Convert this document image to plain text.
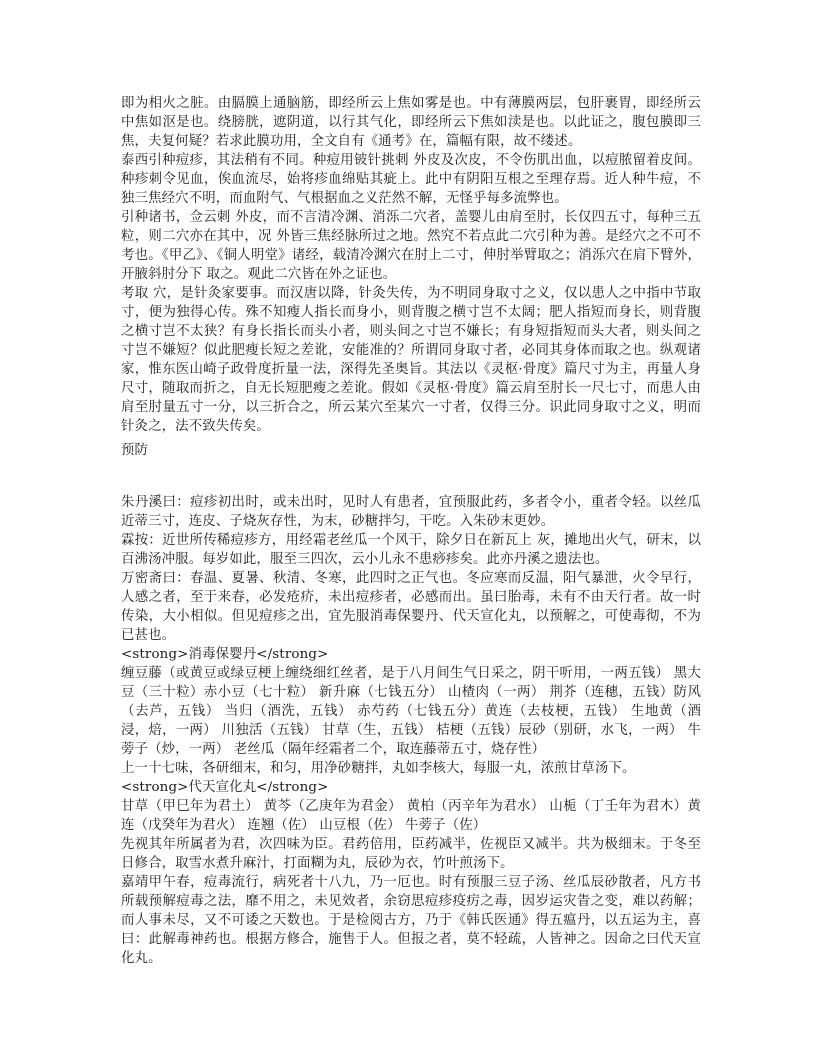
即为相火之脏。由膈膜上通脑筋，即经所云上焦如雾是也。中有薄膜两层，包肝裹胃，即经所云中焦如沤是也。绕膀胱，遮阴道，以行其气化，即经所云下焦如渎是也。以此证之，腹包膜即三焦，夫复何疑？若求此膜功用，全文自有《通考》在，篇幅有限，故不缕述。

泰西引种痘疹，其法稍有不同。种痘用铍针挑刺 外皮及次皮，不令伤肌出血，以痘脓留着皮间。种疹刺令见血，俟血流尽，始将疹血绵贴其疵上。此中有阴阳互根之至理存焉。近人种牛痘，不独三焦经穴不明，而血附气、气根据血之义茫然不解，无怪乎每多流弊也。

引种诸书，佥云刺 外皮，而不言清冷渊、消泺二穴者，盖婴儿由肩至肘，长仅四五寸，每种三五粒，则二穴亦在其中，况 外皆三焦经脉所过之地。然究不若点此二穴引种为善。是经穴之不可不考也。《甲乙》、《铜人明堂》诸经，载清冷渊穴在肘上二寸，伸肘举臂取之；消泺穴在肩下臂外，开腋斜肘分下 取之。观此二穴皆在外之证也。

考取 穴，是针灸家要事。而汉唐以降，针灸失传，为不明同身取寸之义，仅以患人之中指中节取寸，便为独得心传。殊不知瘦人指长而身小，则背腹之横寸岂不太阔；肥人指短而身长，则背腹之横寸岂不太狭？有身长指长而头小者，则头间之寸岂不嫌长；有身短指短而头大者，则头间之寸岂不嫌短？似此肥瘦长短之差讹，安能准的？所谓同身取寸者，必同其身体而取之也。纵观诸家，惟东医山崎子政骨度折量一法，深得先圣奥旨。其法以《灵枢·骨度》篇尺寸为主，再量人身尺寸，随取而折之，自无长短肥瘦之差讹。假如《灵枢·骨度》篇云肩至肘长一尺七寸，而患人由肩至肘量五寸一分，以三折合之，所云某穴至某穴一寸者，仅得三分。识此同身取寸之义，明而针灸之，法不致失传矣。

预防

朱丹溪曰：痘疹初出时，或未出时，见时人有患者，宜预服此药，多者令小，重者令轻。以丝瓜近蒂三寸，连皮、子烧灰存性，为末，砂糖拌匀，干吃。入朱砂末更妙。

霖按：近世所传稀痘疹方，用经霜老丝瓜一个风干，除夕日在新瓦上 灰，摊地出火气，研末，以百沸汤冲服。每岁如此，服至三四次，云小儿永不患痧疹矣。此亦丹溪之遗法也。

万密斋曰：春温、夏暑、秋清、冬寒，此四时之正气也。冬应寒而反温，阳气暴泄，火令早行，人感之者，至于来春，必发疮疥，未出痘疹者，必感而出。虽曰胎毒，未有不由天行者。故一时传染，大小相似。但见痘疹之出，宜先服消毒保婴丹、代天宣化丸，以预解之，可使毒彻，不为已甚也。

<strong>消毒保婴丹</strong>

缠豆藤（或黄豆或绿豆梗上缠绕细红丝者，是于八月间生气日采之，阴干听用，一两五钱） 黑大豆（三十粒）赤小豆（七十粒） 新升麻（七钱五分） 山楂肉（一两） 荆芥（连穗，五钱）防风（去芦，五钱） 当归（酒洗，五钱） 赤芍药（七钱五分）黄连（去枝梗，五钱） 生地黄（酒浸，焙，一两） 川独活（五钱） 甘草（生，五钱） 桔梗（五钱）辰砂（别研，水飞，一两） 牛蒡子（炒，一两） 老丝瓜（隔年经霜者二个，取连藤蒂五寸，烧存性）

上一十七味，各研细末，和匀，用净砂糖拌，丸如李核大，每服一丸，浓煎甘草汤下。

<strong>代天宣化丸</strong>

甘草（甲巳年为君土） 黄芩（乙庚年为君金） 黄柏（丙辛年为君水） 山栀（丁壬年为君木）黄连（戊癸年为君火） 连翘（佐） 山豆根（佐） 牛蒡子（佐）

先视其年所属者为君，次四味为臣。君药倍用，臣药减半，佐视臣又减半。共为极细末。于冬至日修合，取雪水煮升麻汁，打面糊为丸，辰砂为衣，竹叶煎汤下。

嘉靖甲午春，痘毒流行，病死者十八九，乃一厄也。时有预服三豆子汤、丝瓜辰砂散者，凡方书所载预解痘毒之法，靡不用之，未见效者，余窃思痘疹疫疠之毒，因岁运灾眚之变，难以药解；而人事未尽，又不可诿之天数也。于是检阅古方，乃于《韩氏医通》得五瘟丹，以五运为主，喜曰：此解毒神药也。根据方修合，施售于人。但报之者，莫不轻疏，人皆神之。因命之曰代天宣化丸。
